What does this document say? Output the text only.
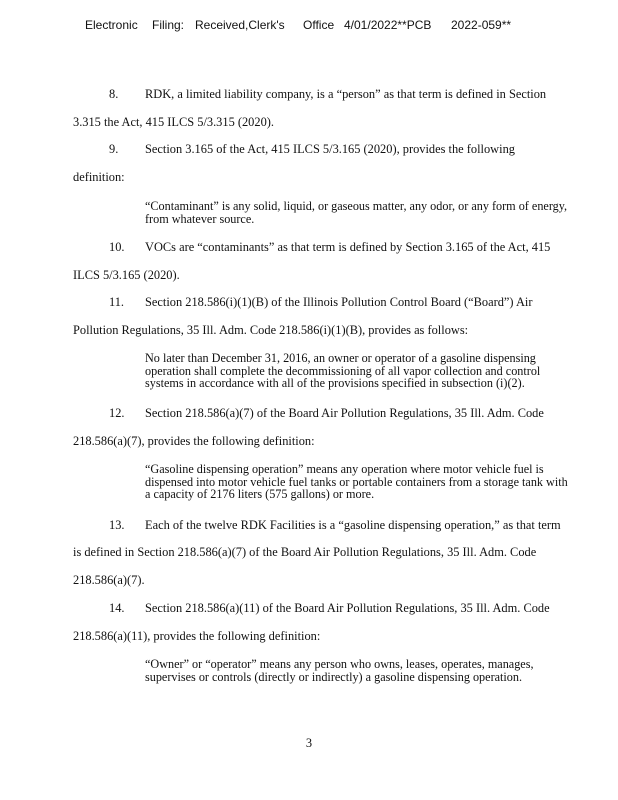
Electronic Filing: Received,Clerk's Office 4/01/2022**PCB 2022-059**
8. RDK, a limited liability company, is a “person” as that term is defined in Section
3.315 the Act, 415 ILCS 5/3.315 (2020).
9. Section 3.165 of the Act, 415 ILCS 5/3.165 (2020), provides the following
definition:
“Contaminant” is any solid, liquid, or gaseous matter, any odor, or any form of energy, from whatever source.
10. VOCs are “contaminants” as that term is defined by Section 3.165 of the Act, 415
ILCS 5/3.165 (2020).
11. Section 218.586(i)(1)(B) of the Illinois Pollution Control Board (“Board”) Air
Pollution Regulations, 35 Ill. Adm. Code 218.586(i)(1)(B), provides as follows:
No later than December 31, 2016, an owner or operator of a gasoline dispensing operation shall complete the decommissioning of all vapor collection and control systems in accordance with all of the provisions specified in subsection (i)(2).
12. Section 218.586(a)(7) of the Board Air Pollution Regulations, 35 Ill. Adm. Code
218.586(a)(7), provides the following definition:
“Gasoline dispensing operation” means any operation where motor vehicle fuel is dispensed into motor vehicle fuel tanks or portable containers from a storage tank with a capacity of 2176 liters (575 gallons) or more.
13. Each of the twelve RDK Facilities is a “gasoline dispensing operation,” as that term
is defined in Section 218.586(a)(7) of the Board Air Pollution Regulations, 35 Ill. Adm. Code
218.586(a)(7).
14. Section 218.586(a)(11) of the Board Air Pollution Regulations, 35 Ill. Adm. Code
218.586(a)(11), provides the following definition:
“Owner” or “operator” means any person who owns, leases, operates, manages, supervises or controls (directly or indirectly) a gasoline dispensing operation.
3
